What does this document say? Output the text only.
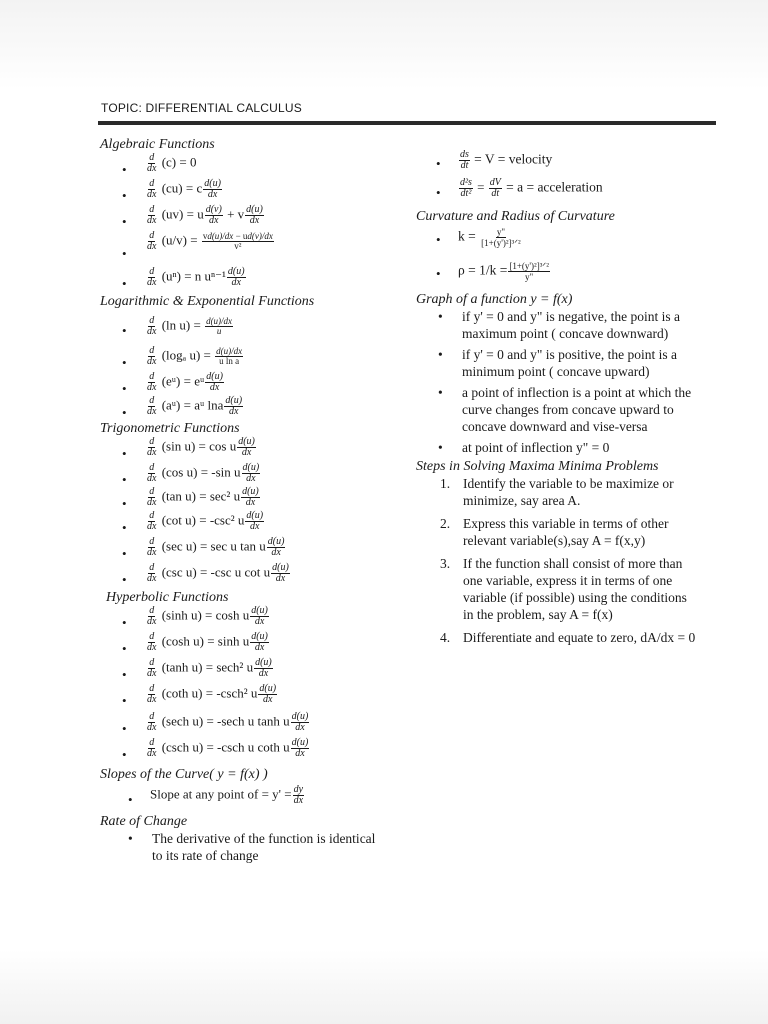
TOPIC: DIFFERENTIAL CALCULUS
Algebraic Functions
• $\frac{d}{dx} (c) = 0$
• $\frac{d}{dx} (cu) = c \frac{d(u)}{dx}$
• $\frac{d}{dx} (uv) = u \frac{d(v)}{dx} + v \frac{d(u)}{dx}$
•
$\frac{d}{dx} (u/v) = \frac{vd(u)/dx - ud(v)/dx}{\text{v²}}$
• $\frac{d}{dx} (u^n) = n$ $u^{n-1} \frac{d(u)}{dx}$
Logarithmic & Exponential Functions
• $\frac{d}{dx} (\ln$ $u) = \frac{d(u)/dx}{u}$
• $\frac{d}{dx} (\log_a$ $u) = \frac{d(u)/dx}{\text{u ln a}}$
• $\frac{d}{dx}$ (eᵘ) = eᵘ $\frac{d(u)}{dx}$
• $\frac{d}{dx}$ (aᵘ) = aᵘ lna $\frac{d(u)}{dx}$
Trigonometric Functions
• $\frac{d}{dx} (\sin$ u) = cos u $\frac{d(u)}{dx}$
• $\frac{d}{dx} (\cos$ u) = -sin u $\frac{d(u)}{dx}$
• $\frac{d}{dx} (\tan$ u) = sec² u $\frac{d(u)}{dx}$
• $\frac{d}{dx} (\cot$ u) = -csc² u $\frac{d(u)}{dx}$
• $\frac{d}{dx} (\sec$ u) = sec u tan u $\frac{d(u)}{dx}$
• $\frac{d}{dx} (\csc$ u) = -csc u cot u $\frac{d(u)}{dx}$
Hyperbolic Functions
• $\frac{d}{dx} (\sinh$ u) = cosh u $\frac{d(u)}{dx}$
• $\frac{d}{dx} (\cosh$ u) = sinh u $\frac{d(u)}{dx}$
• $\frac{d}{dx} (\tanh$ u) = sech² u $\frac{d(u)}{dx}$
• $\frac{d}{dx} (\cot h$ u) = -csch² u $\frac{d(u)}{dx}$
• $\frac{d}{dx} (\sec h$ u) = -sech u tanh u $\frac{d(u)}{dx}$
• $\frac{d}{dx} (\csc h$ u) = -csch u coth u $\frac{d(u)}{dx}$
Slopes of the Curve( y = f(x) )
• Slope at any point of = $y' = \frac{dy}{dx}$
Rate of Change
• The derivative of the function is identical to its rate of change
• $\frac{ds}{dt} = V$ = velocity
• $\frac{\text{d²s}}{\text{dt²}} = \frac{dV}{dt} = a$ = acceleration
Curvature and Radius of Curvature
• $k = \frac{y"}{\text{[1+(y')²]³ᐟ²}}$
• $\rho = 1/k = \frac{\text{[1+(y')²]³ᐟ²}}{y"}$
Graph of a function y = f(x)
• if y' = 0 and y" is negative, the point is a maximum point ( concave downward)
• if y' = 0 and y" is positive, the point is a minimum point ( concave upward)
• a point of inflection is a point at which the curve changes from concave upward to concave downward and vise-versa
• at point of inflection y" = 0
Steps in Solving Maxima Minima Problems
1. Identify the variable to be maximize or minimize, say area A.
2. Express this variable in terms of other relevant variable(s),say A = f(x,y)
3. If the function shall consist of more than one variable, express it in terms of one variable (if possible) using the conditions in the problem, say A = f(x)
4. Differentiate and equate to zero, dA/dx = 0
